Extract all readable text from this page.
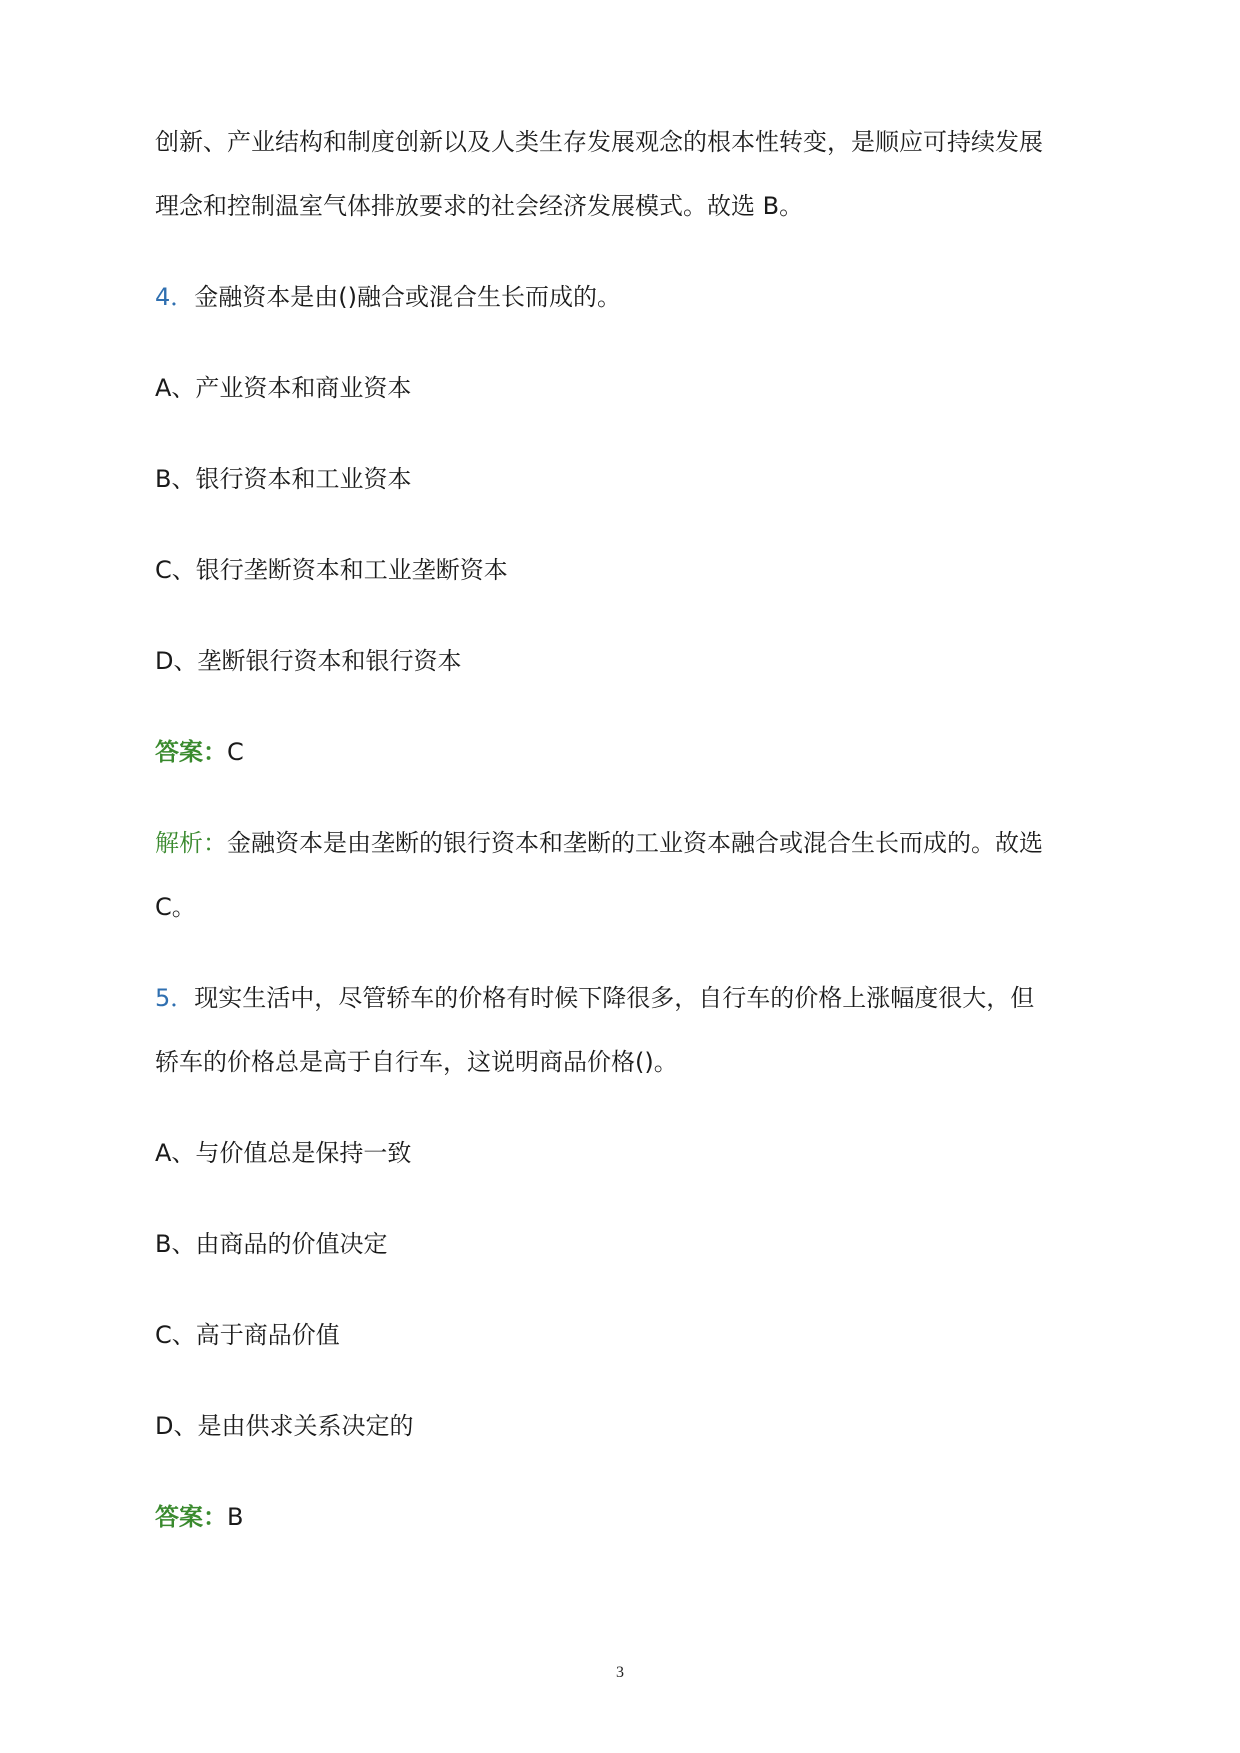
创新、产业结构和制度创新以及人类生存发展观念的根本性转变，是顺应可持续发展

理念和控制温室气体排放要求的社会经济发展模式。故选 B。

4．金融资本是由()融合或混合生长而成的。

A、产业资本和商业资本

B、银行资本和工业资本

C、银行垄断资本和工业垄断资本

D、垄断银行资本和银行资本

答案：C

解析：金融资本是由垄断的银行资本和垄断的工业资本融合或混合生长而成的。故选

C。

5．现实生活中，尽管轿车的价格有时候下降很多，自行车的价格上涨幅度很大，但

轿车的价格总是高于自行车，这说明商品价格()。

A、与价值总是保持一致

B、由商品的价值决定

C、高于商品价值

D、是由供求关系决定的

答案：B

3
